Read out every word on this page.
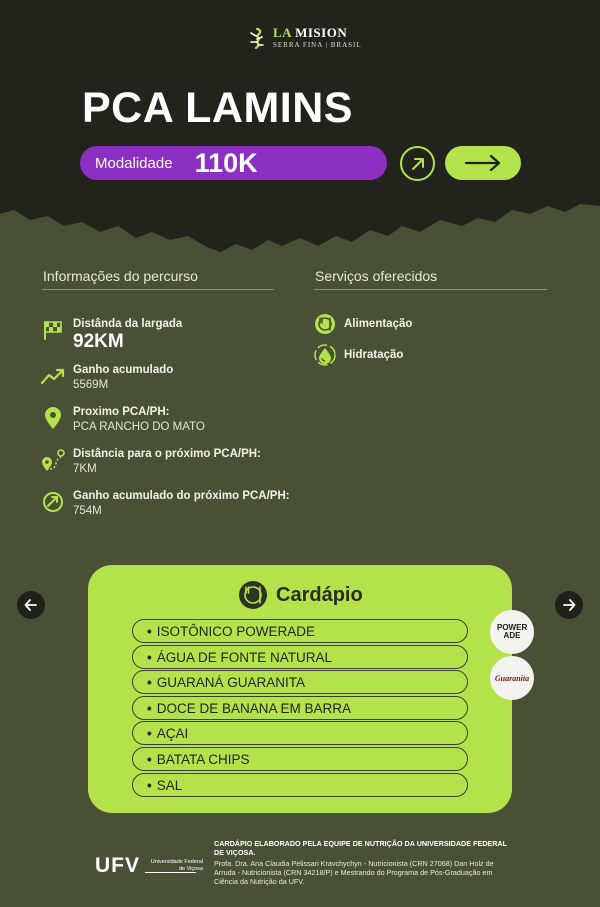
LA MISION
SERRA FINA | BRASIL
PCA LAMINS
Modalidade 110K
Informações do percurso	Serviços oferecidos
Distânda da largada
92KM
Ganho acumulado
5569M
Proximo PCA/PH:
PCA RANCHO DO MATO
Distância para o próximo PCA/PH:
7KM
Ganho acumulado do próximo PCA/PH:
754M
Alimentação
Hidratação
Cardápio
• ISOTÔNICO POWERADE
• ÁGUA DE FONTE NATURAL
• GUARANÁ GUARANITA
• DOCE DE BANANA EM BARRA
• AÇAI
• BATATA CHIPS
• SAL
POWER ADE
Guaranita
UFV	Universidade Federal de Viçosa
CARDÁPIO ELABORADO PELA EQUIPE DE NUTRIÇÃO DA UNIVERSIDADE FEDERAL DE VIÇOSA.
Profa. Dra. Ana Claudia Pelissari Kravchychyn - Nutricionista (CRN 27068) Dan Holz de Arruda - Nutricionista (CRN 34218/P) e Mestrando do Programa de Pós-Graduação em Ciência da Nutrição da UFV.
